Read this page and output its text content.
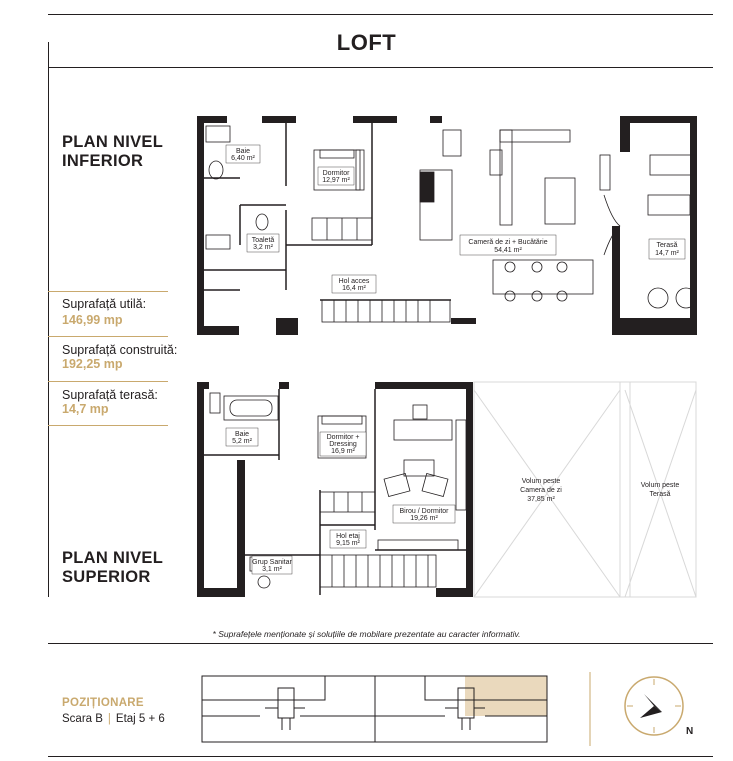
LOFT
PLAN NIVEL
INFERIOR
Suprafață utilă:
146,99 mp
Suprafață construită:
192,25 mp
Suprafață terasă:
14,7 mp
PLAN NIVEL
SUPERIOR
Baie
6,40 m²
Dormitor
12,97 m²
Toaletă
3,2 m²
Hol acces
16,4 m²
Cameră de zi + Bucătărie
54,41 m²
Terasă
14,7 m²
Baie
5,2 m²
Dormitor +
Dressing
16,9 m²
Birou / Dormitor
19,26 m²
Hol etaj
9,15 m²
Grup Sanitar
3,1 m²
Volum peste
Camera de zi
37,85 m²
Volum peste
Terasă
* Suprafețele menționate și soluțiile de mobilare prezentate au caracter informativ.
POZIȚIONARE
Scara B | Etaj 5 + 6
N
